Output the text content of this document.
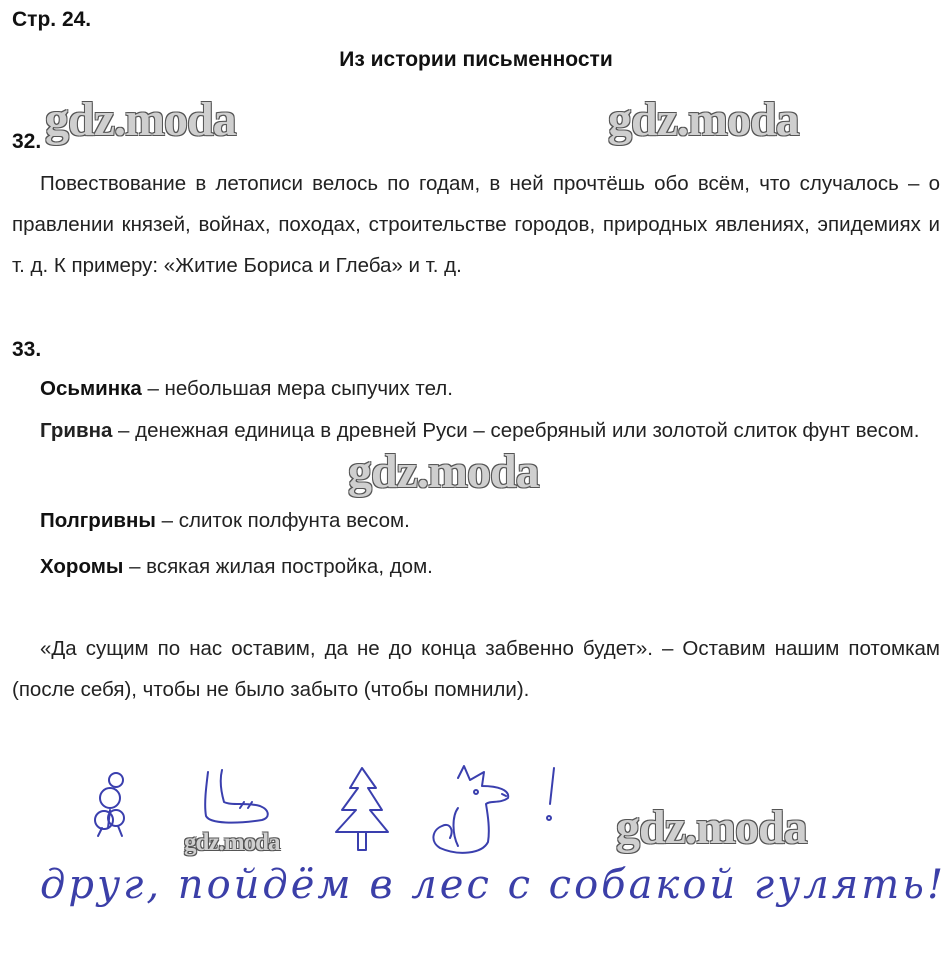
Стр. 24.
Из истории письменности
gdz.moda	gdz.moda
gdz.moda
gdz.moda	gdz.moda
32.
Повествование в летописи велось по годам, в ней прочтёшь обо всём, что случалось – о правлении князей, войнах, походах, строительстве городов, природных явлениях, эпидемиях и т. д. К примеру: «Житие Бориса и Глеба» и т. д.
33.
Осьминка – небольшая мера сыпучих тел.
Гривна – денежная единица в древней Руси – серебряный или золотой слиток фунт весом.
Полгривны – слиток полфунта весом.
Хоромы – всякая жилая постройка, дом.
«Да сущим по нас оставим, да не до конца забвенно будет». – Оставим нашим потомкам (после себя), чтобы не было забыто (чтобы помнили).
друг, пойдём в лес с собакой гулять!
